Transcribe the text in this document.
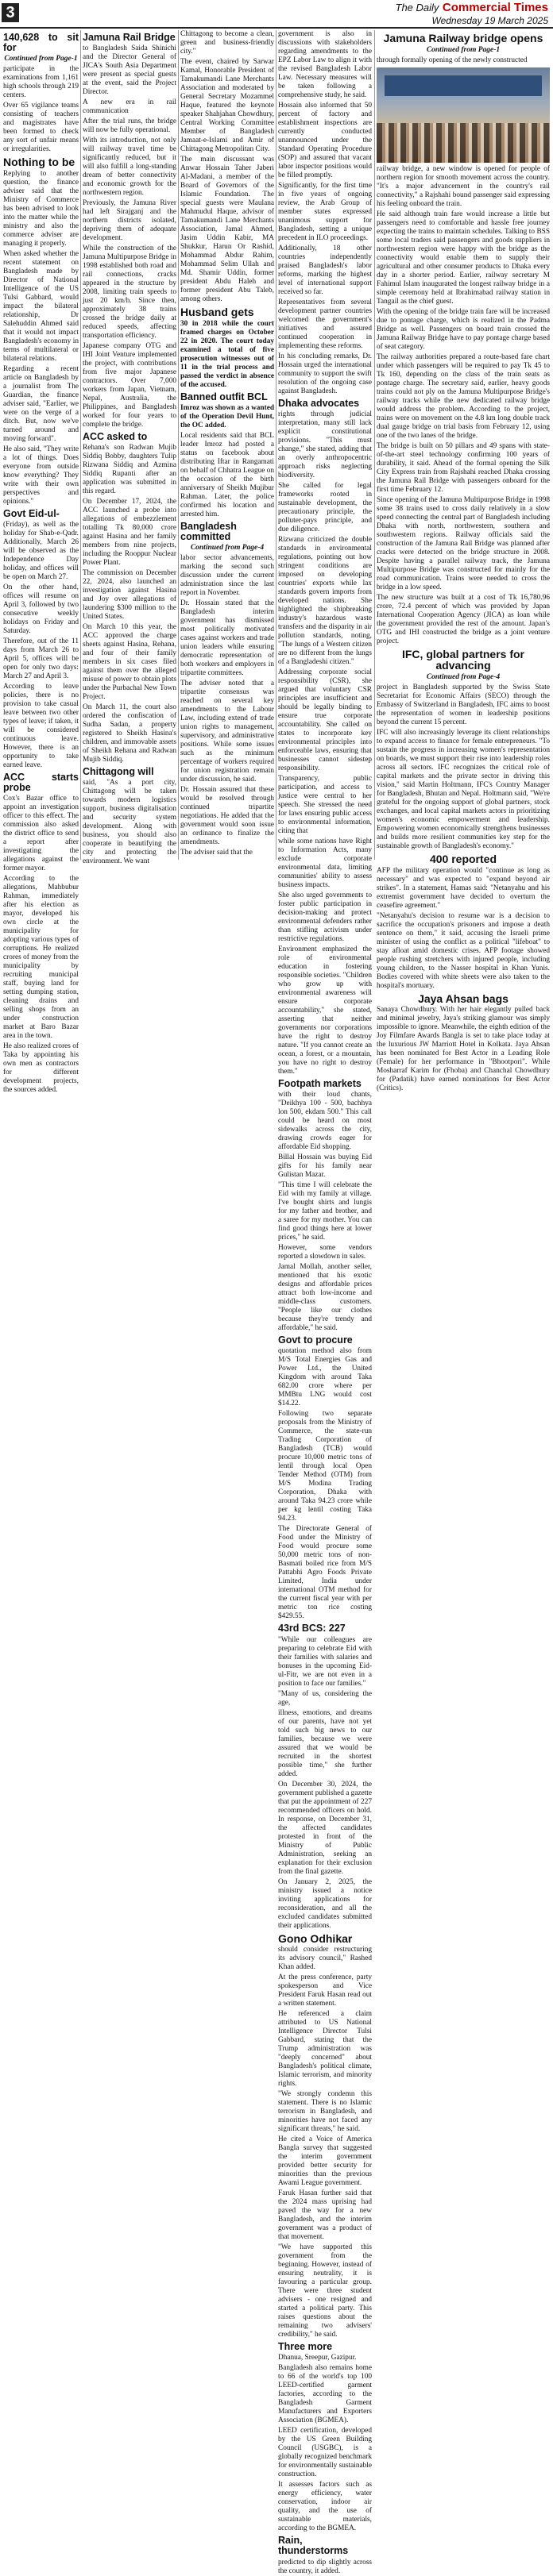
3	The Daily Commercial Times
Wednesday 19 March 2025
140,628 to sit for
Continued from Page-1

participate in the examinations from 1,161 high schools through 219 centers.

Over 65 vigilance teams consisting of teachers and magistrates have been formed to check any sort of unfair means or irregularities.

Nothing to be

Replying to another question, the finance adviser said that the Ministry of Commerce has been advised to look into the matter while the ministry and also the commerce adviser are managing it properly.

When asked whether the recent statement on Bangladesh made by Director of National Intelligence of the US Tulsi Gabbard, would impact the bilateral relationship, Dr Salehuddin Ahmed said that it would not impact Bangladesh's economy in terms of multilateral or bilateral relations.

Regarding a recent article on Bangladesh by a journalist from The Guardian, the finance adviser said, "Earlier, we were on the verge of a ditch. But, now we've turned around and moving forward".

He also said, "They write a lot of things. Does everyone from outside know everything? They write with their own perspectives and opinions."

Govt Eid-ul-

(Friday), as well as the holiday for Shab-e-Qadr. Additionally, March 26 will be observed as the Independence Day holiday, and offices will be open on March 27.

On the other hand, offices will resume on April 3, followed by two consecutive weekly holidays on Friday and Saturday.

Therefore, out of the 11 days from March 26 to April 5, offices will be open for only two days: March 27 and April 3.

According to leave policies, there is no provision to take casual leave between two other types of leave; if taken, it will be considered continuous leave. However, there is an opportunity to take earned leave.

ACC starts probe

Cox's Bazar office to appoint an investigation officer to this effect. The commission also asked the district office to send a report after investigating the allegations against the former mayor.

According to the allegations, Mahbubur Rahman, immediately after his election as mayor, developed his own circle at the municipality for adopting various types of corruptions. He realized crores of money from the municipality by recruiting municipal staff, buying land for setting dumping station, cleaning drains and selling shops from an under construction market at Baro Bazar area in the town.

He also realized crores of Taka by appointing his own men as contractors for different development projects, the sources added.

Jamuna Rail Bridge

to Bangladesh Saida Shinichi and the Director General of JICA's South Asia Department were present as special guests at the event, said the Project Director.

A new era in rail communication

After the trial runs, the bridge will now be fully operational.

With its introduction, not only will railway travel time be significantly reduced, but it will also fulfill a long-standing dream of better connectivity and economic growth for the northwestern region.

Previously, the Jamuna River had left Sirajganj and the northern districts isolated, depriving them of adequate development.

While the construction of the Jamuna Multipurpose Bridge in 1998 established both road and rail connections, cracks appeared in the structure by 2008, limiting train speeds to just 20 km/h. Since then, approximately 38 trains crossed the bridge daily at reduced speeds, affecting transportation efficiency.

Japanese company OTG and IHI Joint Venture implemented the project, with contributions from five major Japanese contractors. Over 7,000 workers from Japan, Vietnam, Nepal, Australia, the Philippines, and Bangladesh worked for four years to complete the bridge.

ACC asked to

Rehana's son Radwan Mujib Siddiq Bobby, daughters Tulip Rizwana Siddiq and Azmina Siddiq Rupanti after an application was submitted in this regard.

On December 17, 2024, the ACC launched a probe into allegations of embezzlement totalling Tk 80,000 crore against Hasina and her family members from nine projects, including the Rooppur Nuclear Power Plant.

The commission on December 22, 2024, also launched an investigation against Hasina and Joy over allegations of laundering $300 million to the United States.

On March 10 this year, the ACC approved the charge sheets against Hasina, Rehana, and four of their family members in six cases filed against them over the alleged misuse of power to obtain plots under the Purbachal New Town Project.

On March 11, the court also ordered the confiscation of Sudha Sadan, a property registered to Sheikh Hasina's children, and immovable assets of Sheikh Rehana and Radwan Mujib Siddiq.

Chittagong will

said, "As a port city, Chittagong will be taken towards modern logistics support, business digitalisation and security system development. Along with business, you should also cooperate in beautifying the city and protecting the environment. We want

Chittagong to become a clean, green and business-friendly city."

The event, chaired by Sarwar Kamal, Honorable President of Tamakumandi Lane Merchants Association and moderated by General Secretary Mozammel Haque, featured the keynote speaker Shahjahan Chowdhury, Central Working Committee Member of Bangladesh Jamaat-e-Islami and Amir of Chittagong Metropolitan City.

The main discussant was Anwar Hossain Taher Jaberi Al-Madani, a member of the Board of Governors of the Islamic Foundation. The special guests were Maulana Mahmudul Haque, advisor of Tamakumandi Lane Merchants Association, Jamal Ahmed, Jasim Uddin Kabir, MA Shukkur, Harun Or Rashid, Mohammad Abdur Rahim, Mohammad Selim Ullah and Md. Shamir Uddin, former president Abdu Haleh and former president Abu Taleb, among others.

Husband gets

30 in 2018 while the court framed charges on October 22 in 2020. The court today examined a total of five prosecution witnesses out of 11 in the trial process and passed the verdict in absence of the accused.

Banned outfit BCL

Imroz was shown as a wanted of the Operation Devil Hunt, the OC added.

Local residents said that BCL leader Imroz had posted a status on facebook about distributing Iftar in Rangamati on behalf of Chhatra League on the occasion of the birth anniversary of Sheikh Mujibur Rahman. Later, the police confirmed his location and arrested him.

Bangladesh committed
Continued from Page-4

labor sector advancements, marking the second such discussion under the current administration since the last report in November.

Dr. Hossain stated that the Bangladesh interim government has dismissed most politically motivated cases against workers and trade union leaders while ensuring democratic representation of both workers and employers in tripartite committees.

The adviser noted that a tripartite consensus was reached on several key amendments to the Labour Law, including extend of trade union rights to management, supervisory, and administrative positions. While some issues such as the minimum percentage of workers required for union registration remain under discussion, he said.

Dr. Hossain assured that these would be resolved through continued tripartite negotiations. He added that the government would soon issue an ordinance to finalize the amendments.

The adviser said that the

government is also in discussions with stakeholders regarding amendments to the EPZ Labor Law to align it with the revised Bangladesh Labor Law. Necessary measures will be taken following a comprehensive study, he said.

Hossain also informed that 50 percent of factory and establishment inspections are currently conducted unannounced under the Standard Operating Procedure (SOP) and assured that vacant labor inspector positions would be filled promptly.

Significantly, for the first time in five years of ongoing review, the Arab Group of member states expressed unanimous support for Bangladesh, setting a unique precedent in ILO proceedings.

Additionally, 18 other countries independently praised Bangladesh's labor reforms, marking the highest level of international support received so far.

Representatives from several development partner countries welcomed the government's initiatives and assured continued cooperation in implementing these reforms.

In his concluding remarks, Dr. Hossain urged the international community to support the swift resolution of the ongoing case against Bangladesh.

Dhaka advocates

rights through judicial interpretation, many still lack explicit constitutional provisions. "This must change," she stated, adding that an overly anthropocentric approach risks neglecting biodiversity.

She called for legal frameworks rooted in sustainable development, the precautionary principle, the polluter-pays principle, and due diligence.

Rizwana criticized the double standards in environmental regulations, pointing out how stringent conditions are imposed on developing countries' exports while lax standards govern imports from developed nations. She highlighted the shipbreaking industry's hazardous waste transfers and the disparity in air pollution standards, noting, "The lungs of a Western citizen are no different from the lungs of a Bangladeshi citizen."

Addressing corporate social responsibility (CSR), she argued that voluntary CSR principles are insufficient and should be legally binding to ensure true corporate accountability. She called on states to incorporate key environmental principles into enforceable laws, ensuring that businesses cannot sidestep responsibility.

Transparency, public participation, and access to justice were central to her speech. She stressed the need for laws ensuring public access to environmental information, citing that

while some nations have Right to Information Acts, many exclude corporate environmental data, limiting communities' ability to assess business impacts.

She also urged governments to foster public participation in decision-making and protect environmental defenders rather than stifling activism under restrictive regulations.

Environment emphasized the role of environmental education in fostering responsible societies. "Children who grow up with environmental awareness will ensure corporate accountability," she stated, asserting that neither governments nor corporations have the right to destroy nature. "If you cannot create an ocean, a forest, or a mountain, you have no right to destroy them."

Footpath markets

with their loud chants, "Deikhya 100 - 500, bachhya lon 500, ekdam 500." This call could be heard on most sidewalks across the city, drawing crowds eager for affordable Eid shopping.

Billal Hossain was buying Eid gifts for his family near Gulistan Mazar.

"This time I will celebrate the Eid with my family at village. I've bought shirts and lungis for my father and brother, and a saree for my mother. You can find good things here at lower prices," he said.

However, some vendors reported a slowdown in sales.

Jamal Mollah, another seller, mentioned that his exotic designs and affordable prices attract both low-income and middle-class customers. "People like our clothes because they're trendy and affordable," he said.

Govt to procure

quotation method also from M/S Total Energies Gas and Power Ltd., the United Kingdom with around Taka 682.00 crore where per MMBtu LNG would cost $14.22.

Following two separate proposals from the Ministry of Commerce, the state-run Trading Corporation of Bangladesh (TCB) would procure 10,000 metric tons of lentil through local Open Tender Method (OTM) from M/S Modina Trading Corporation, Dhaka with around Taka 94.23 crore while per kg lentil costing Taka 94.23.

The Directorate General of Food under the Ministry of Food would procure some 50,000 metric tons of non-Basmati boiled rice from M/S Pattabhi Agro Foods Private Limited, India under international OTM method for the current fiscal year with per metric ton rice costing $429.55.

43rd BCS: 227

"While our colleagues are preparing to celebrate Eid with their families with salaries and bonuses in the upcoming Eid-ul-Fitr, we are not even in a position to face our families."

"Many of us, considering the age,

illness, emotions, and dreams of our parents, have not yet told such big news to our families, because we were assured that we would be recruited in the shortest possible time," she further added.

On December 30, 2024, the government published a gazette that put the appointment of 227 recommended officers on hold. In response, on December 31, the affected candidates protested in front of the Ministry of Public Administration, seeking an explanation for their exclusion from the final gazette.

On January 2, 2025, the ministry issued a notice inviting applications for reconsideration, and all the excluded candidates submitted their applications.

Gono Odhikar

should consider restructuring its advisory council," Rashed Khan added.

At the press conference, party spokesperson and Vice President Faruk Hasan read out a written statement.

He referenced a claim attributed to US National Intelligence Director Tulsi Gabbard, stating that the Trump administration was "deeply concerned" about Bangladesh's political climate, Islamic terrorism, and minority rights.

"We strongly condemn this statement. There is no Islamic terrorism in Bangladesh, and minorities have not faced any significant threats," he said.

He cited a Voice of America Bangla survey that suggested the interim government provided better security for minorities than the previous Awami League government.

Faruk Hasan further said that the 2024 mass uprising had paved the way for a new Bangladesh, and the interim government was a product of that movement.

"We have supported this government from the beginning. However, instead of ensuring neutrality, it is favouring a particular group. There were three student advisers - one resigned and started a political party. This raises questions about the remaining two advisers' credibility," he said.

Three more

Dhanua, Sreepur, Gazipur.

Bangladesh also remains home to 66 of the world's top 100 LEED-certified garment factories, according to the Bangladesh Garment Manufacturers and Exporters Association (BGMEA).

LEED certification, developed by the US Green Building Council (USGBC), is a globally recognized benchmark for environmentally sustainable construction.

It assesses factors such as energy efficiency, water conservation, indoor air quality, and the use of sustainable materials, according to the BGMEA.

Rain, thunderstorms

predicted to dip slightly across the country, it added.

Jamuna Railway bridge opens
Continued from Page-1

through formally opening of the newly constructed

railway bridge, a new window is opened for people of northern region for smooth movement across the country. "It's a major advancement in the country's rail connectivity," a Rajshahi bound passenger said expressing his feeling onboard the train.

He said although train fare would increase a little but passengers need to comfortable and hassle free journey expecting the trains to maintain schedules. Talking to BSS some local traders said passengers and goods suppliers in northwestern region were happy with the bridge as the connectivity would enable them to supply their agricultural and other consumer products to Dhaka every day in a shorter period. Earlier, railway secretary M Fahimul Islam inaugurated the longest railway bridge in a simple ceremony held at Ibrahimabad railway station in Tangail as the chief guest.

With the opening of the bridge train fare will be increased due to pontage charge, which is realized in the Padma Bridge as well. Passengers on board train crossed the Jamuna Railway Bridge have to pay pontage charge based of seat category.

The railway authorities prepared a route-based fare chart under which passengers will be required to pay Tk 45 to Tk 160, depending on the class of the train seats as pontage charge. The secretary said, earlier, heavy goods trains could not ply on the Jamuna Multipurpose Bridge's railway tracks while the new dedicated railway bridge would address the problem. According to the project, trains were on movement on the 4.8 km long double track dual gauge bridge on trial basis from February 12, using one of the two lanes of the bridge.

The bridge is built on 50 pillars and 49 spans with state-of-the-art steel technology confirming 100 years of durability, it said. Ahead of the formal opening the Silk City Express train from Rajshahi reached Dhaka crossing the Jamuna Rail Bridge with passengers onboard for the first time February 12.

Since opening of the Jamuna Multipurpose Bridge in 1998 some 38 trains used to cross daily relatively in a slow speed connecting the central part of Bangladesh including Dhaka with north, northwestern, southern and southwestern regions. Railway officials said the construction of the Jamuna Rail Bridge was planned after cracks were detected on the bridge structure in 2008. Despite having a parallel railway track, the Jamuna Multipurpose Bridge was constructed for mainly for the road communication. Trains were needed to cross the bridge in a low speed.

The new structure was built at a cost of Tk 16,780.96 crore, 72.4 percent of which was provided by Japan International Cooperation Agency (JICA) as loan while the government provided the rest of the amount. Japan's OTG and IHI constructed the bridge as a joint venture project.

IFC, global partners for advancing
Continued from Page-4

project in Bangladesh supported by the Swiss State Secretariat for Economic Affairs (SECO) through the Embassy of Switzerland in Bangladesh, IFC aims to boost the representation of women in leadership positions beyond the current 15 percent.

IFC will also increasingly leverage its client relationships to expand access to finance for female entrepreneurs. "To sustain the progress in increasing women's representation on boards, we must support their rise into leadership roles across all sectors. IFC recognizes the critical role of capital markets and the private sector in driving this vision," said Martin Holtmann, IFC's Country Manager for Bangladesh, Bhutan and Nepal. Holtmann said, "We're grateful for the ongoing support of global partners, stock exchanges, and local capital markets actors in prioritizing women's economic empowerment and leadership. Empowering women economically strengthens businesses and builds more resilient communities key step for the sustainable growth of Bangladesh's economy."

400 reported

AFP the military operation would "continue as long as necessary" and was expected to "expand beyond air strikes". In a statement, Hamas said: "Netanyahu and his extremist government have decided to overturn the ceasefire agreement."

"Netanyahu's decision to resume war is a decision to sacrifice the occupation's prisoners and impose a death sentence on them," it said, accusing the Israeli prime minister of using the conflict as a political "lifeboat" to stay afloat amid domestic crises. AFP footage showed people rushing stretchers with injured people, including young children, to the Nasser hospital in Khan Yunis. Bodies covered with white sheets were also taken to the hospital's mortuary.

Jaya Ahsan bags

Sanaya Chowdhury. With her hair elegantly pulled back and minimal jewelry, Jaya's striking glamour was simply impossible to ignore. Meanwhile, the eighth edition of the Joy Filmfare Awards Bangla is set to take place today at the luxurious JW Marriott Hotel in Kolkata. Jaya Ahsan has been nominated for Best Actor in a Leading Role (Female) for her performance in "Bhootpori". While Mosharraf Karim for (Fhoba) and Chanchal Chowdhury for (Padatik) have earned nominations for Best Actor (Critics).
